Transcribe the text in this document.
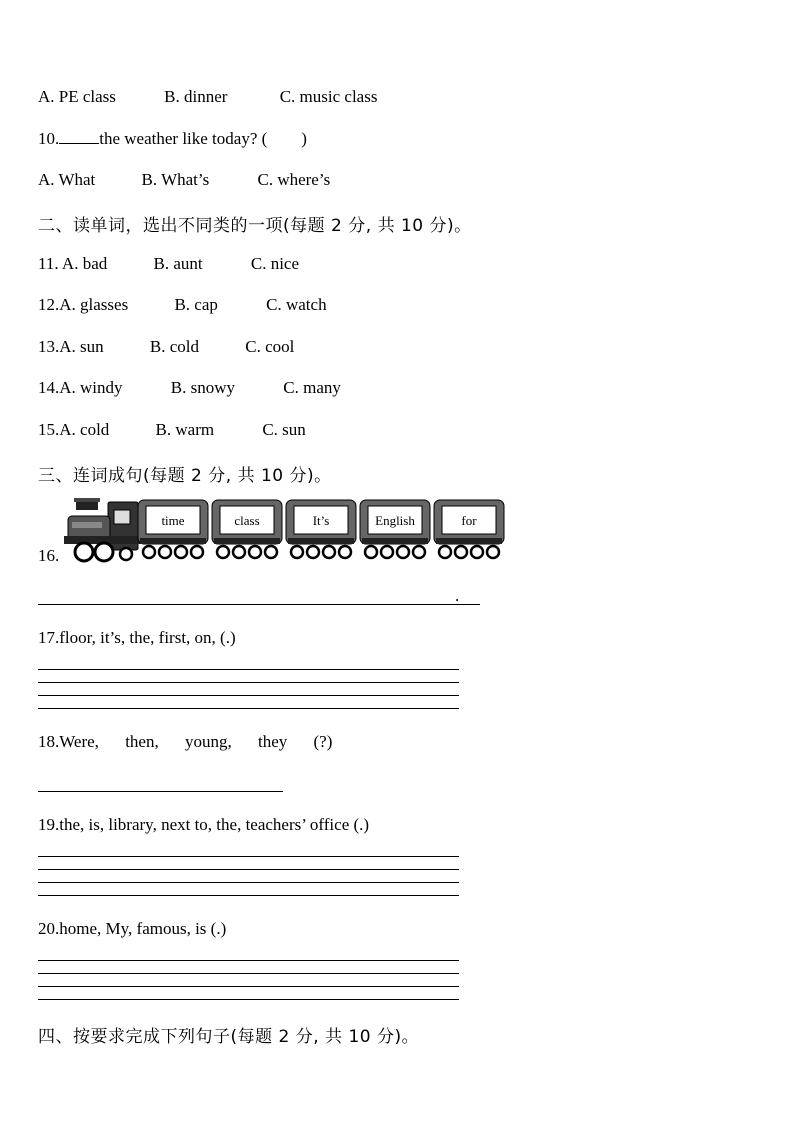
A. PE class	B. dinner	C. music class
10. the weather like today? ( )
A. What	B. What’s	C. where’s
二、读单词，选出不同类的一项(每题 2 分, 共 10 分)。
11. A. bad	B. aunt	C. nice
12.A. glasses	B. cap	C. watch
13.A. sun	B. cold	C. cool
14.A. windy	B. snowy	C. many
15.A. cold	B. warm	C. sun
三、连词成句(每题 2 分, 共 10 分)。
16.
time	class	It’s	English	for
.
17.floor, it’s, the, first, on, (.)
18.Were, then, young, they (?)
19.the, is, library, next to, the, teachers’ office (.)
20.home, My, famous, is (.)
四、按要求完成下列句子(每题 2 分, 共 10 分)。
